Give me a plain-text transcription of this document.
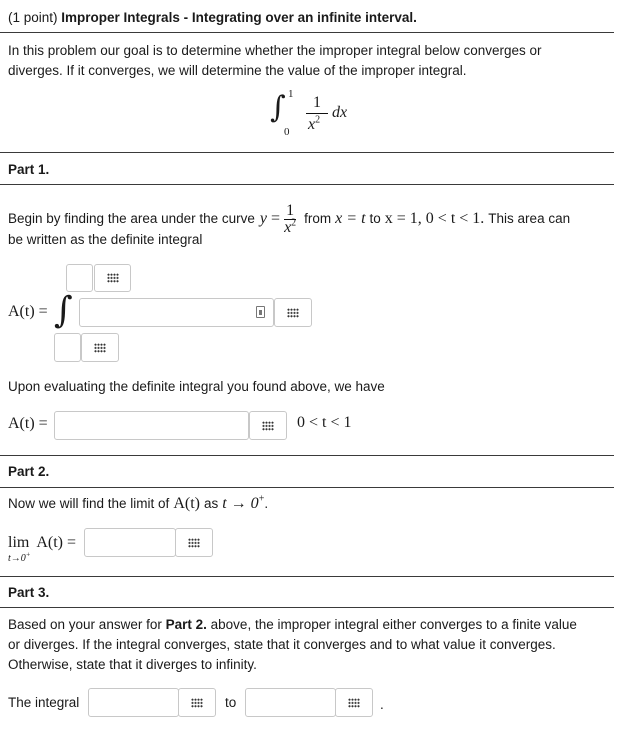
(1 point) Improper Integrals - Integrating over an infinite interval.
In this problem our goal is to determine whether the improper integral below converges or
diverges. If it converges, we will determine the value of the improper integral.
∫ 1
0
1
$x^2$ dx
Part 1.
Begin by finding the area under the curve $y = \frac{1}{x^2}$ from x = t to x = 1, 0 < t < 1. This area can
be written as the definite integral
A(t) = ∫
Upon evaluating the definite integral you found above, we have
A(t) =	0 < t < 1
Part 2.
Now we will find the limit of A(t) as t → 0+ .
lim A(t) =
t→0+
Part 3.
Based on your answer for Part 2. above, the improper integral either converges to a finite value
or diverges. If the integral converges, state that it converges and to what value it converges.
Otherwise, state that it diverges to infinity.
The integral	to	.
